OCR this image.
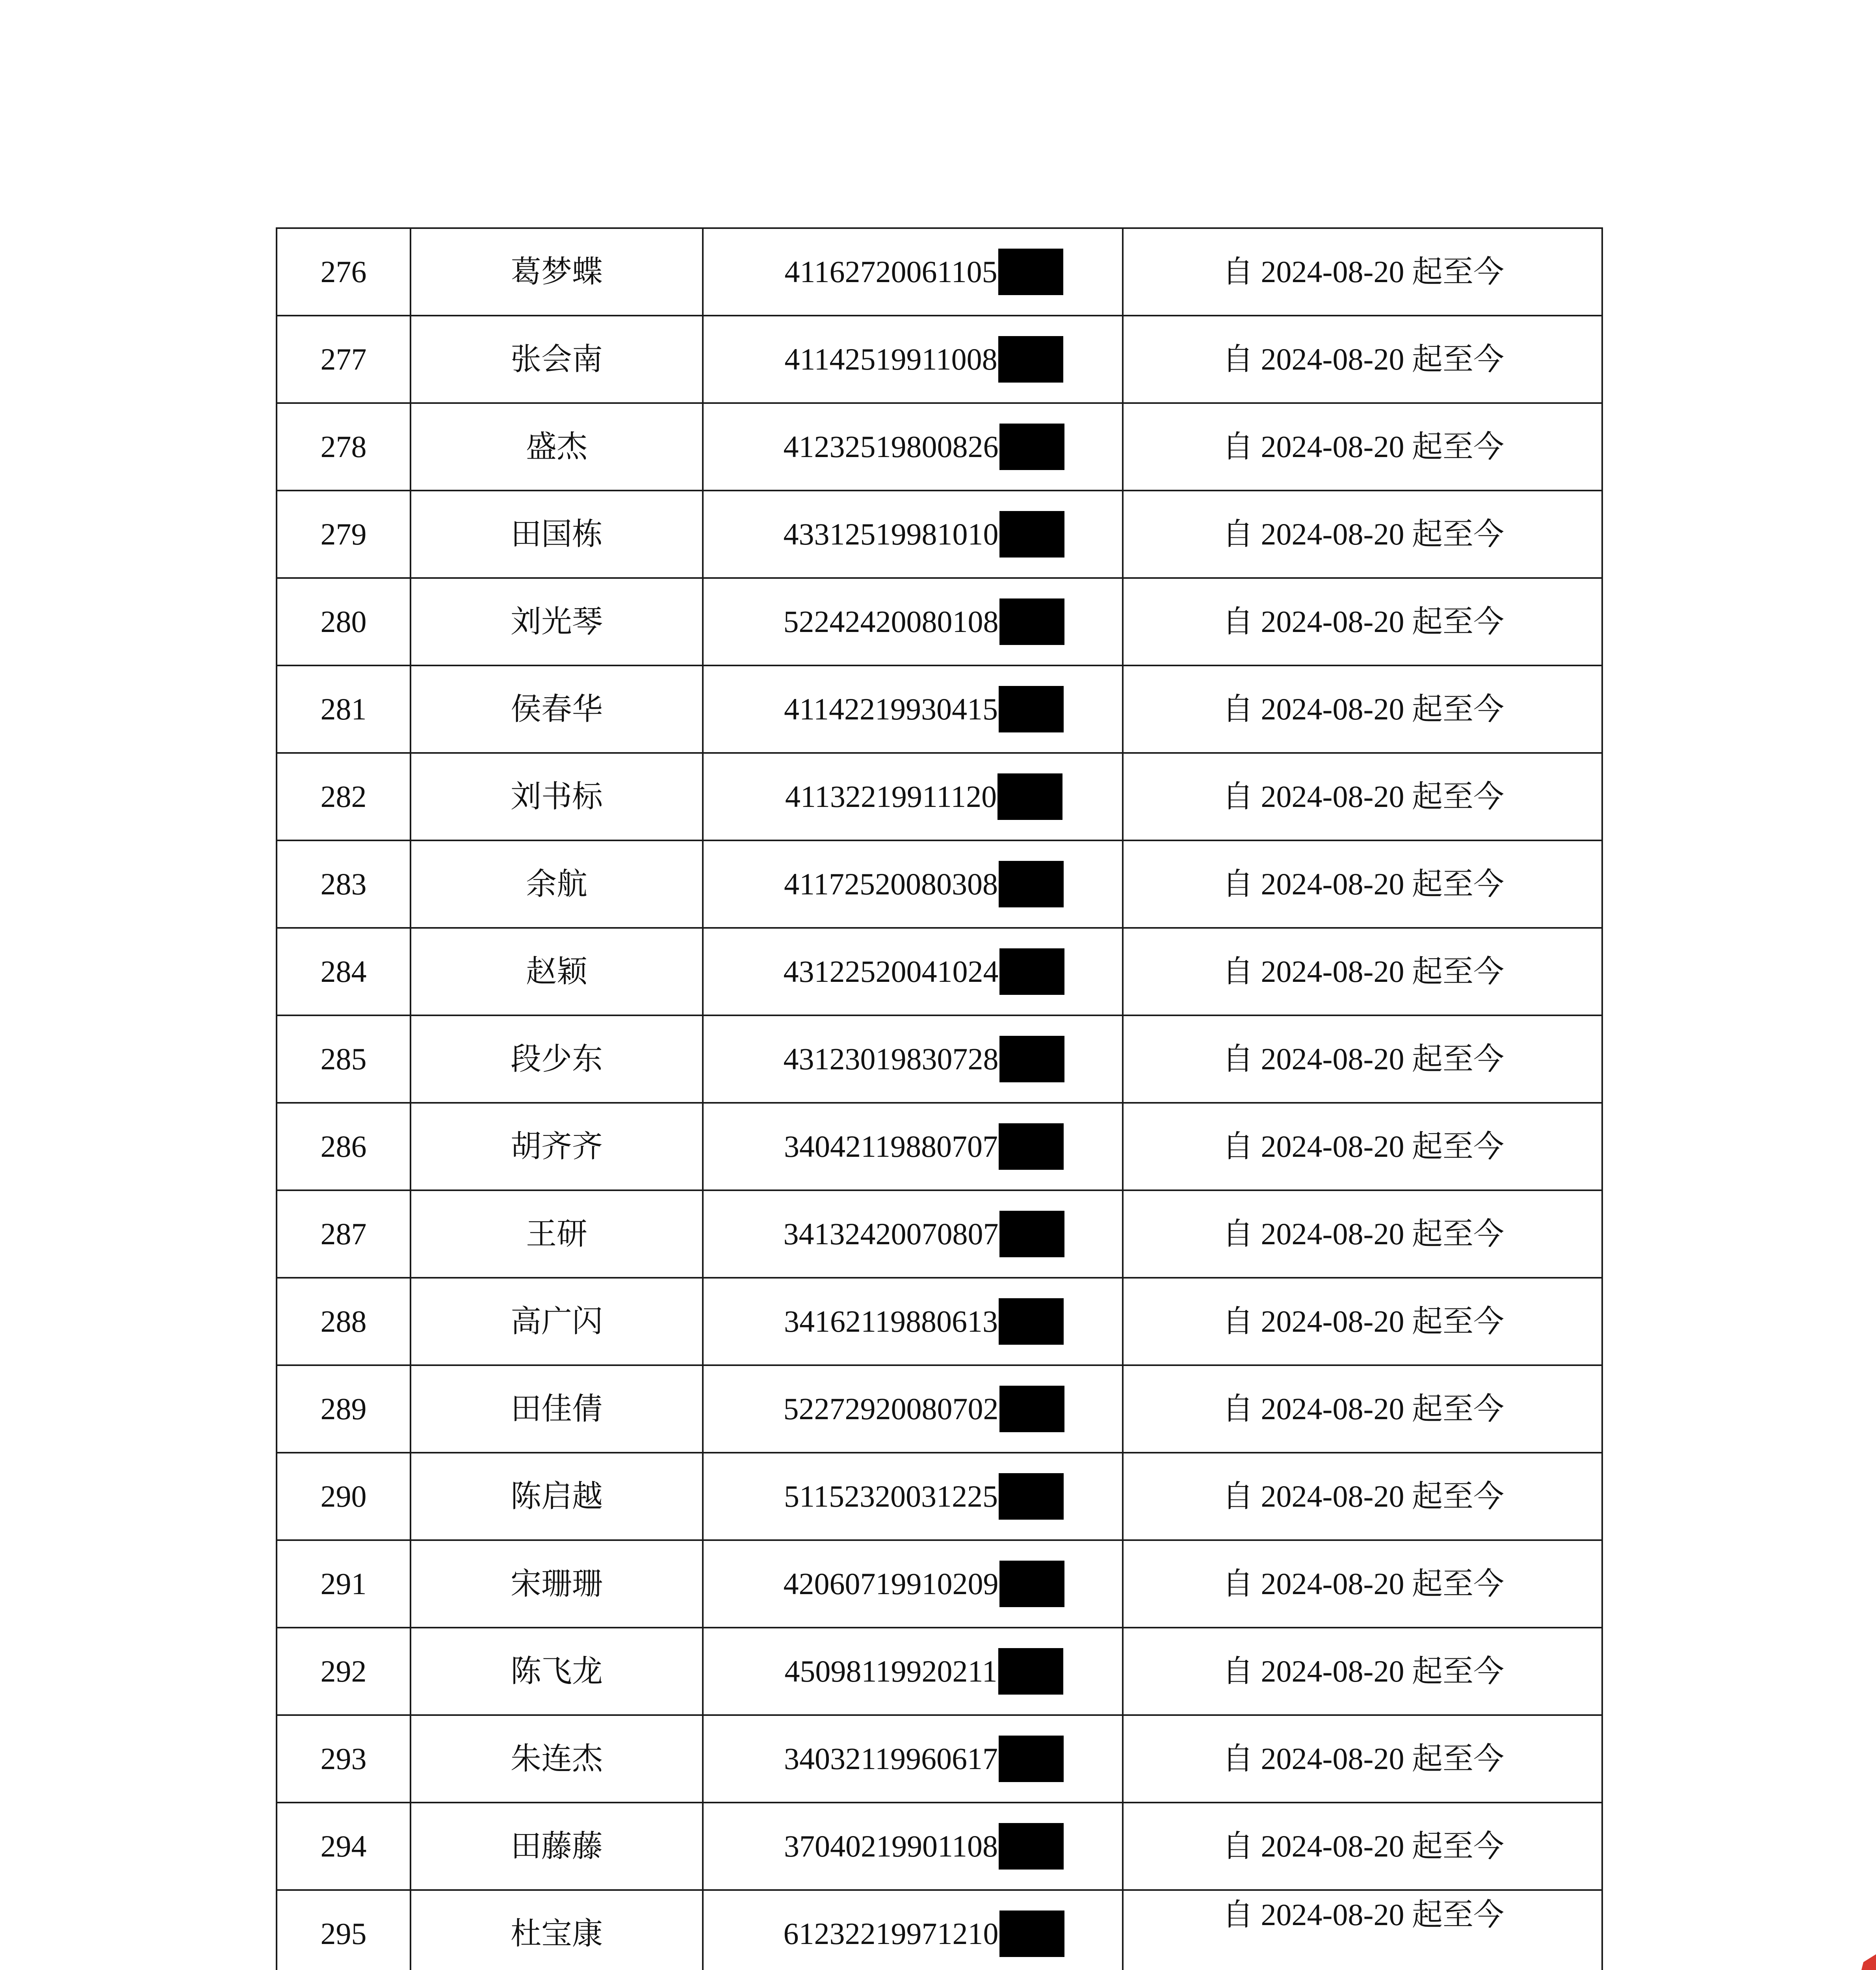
276	葛梦蝶	41162720061105	自 2024-08-20 起至今
277	张会南	41142519911008	自 2024-08-20 起至今
278	盛杰	41232519800826	自 2024-08-20 起至今
279	田国栋	43312519981010	自 2024-08-20 起至今
280	刘光琴	52242420080108	自 2024-08-20 起至今
281	侯春华	41142219930415	自 2024-08-20 起至今
282	刘书标	41132219911120	自 2024-08-20 起至今
283	余航	41172520080308	自 2024-08-20 起至今
284	赵颖	43122520041024	自 2024-08-20 起至今
285	段少东	43123019830728	自 2024-08-20 起至今
286	胡齐齐	34042119880707	自 2024-08-20 起至今
287	王研	34132420070807	自 2024-08-20 起至今
288	高广闪	34162119880613	自 2024-08-20 起至今
289	田佳倩	52272920080702	自 2024-08-20 起至今
290	陈启越	51152320031225	自 2024-08-20 起至今
291	宋珊珊	42060719910209	自 2024-08-20 起至今
292	陈飞龙	45098119920211	自 2024-08-20 起至今
293	朱连杰	34032119960617	自 2024-08-20 起至今
294	田藤藤	37040219901108	自 2024-08-20 起至今
295	杜宝康	61232219971210	自 2024-08-20 起至今
